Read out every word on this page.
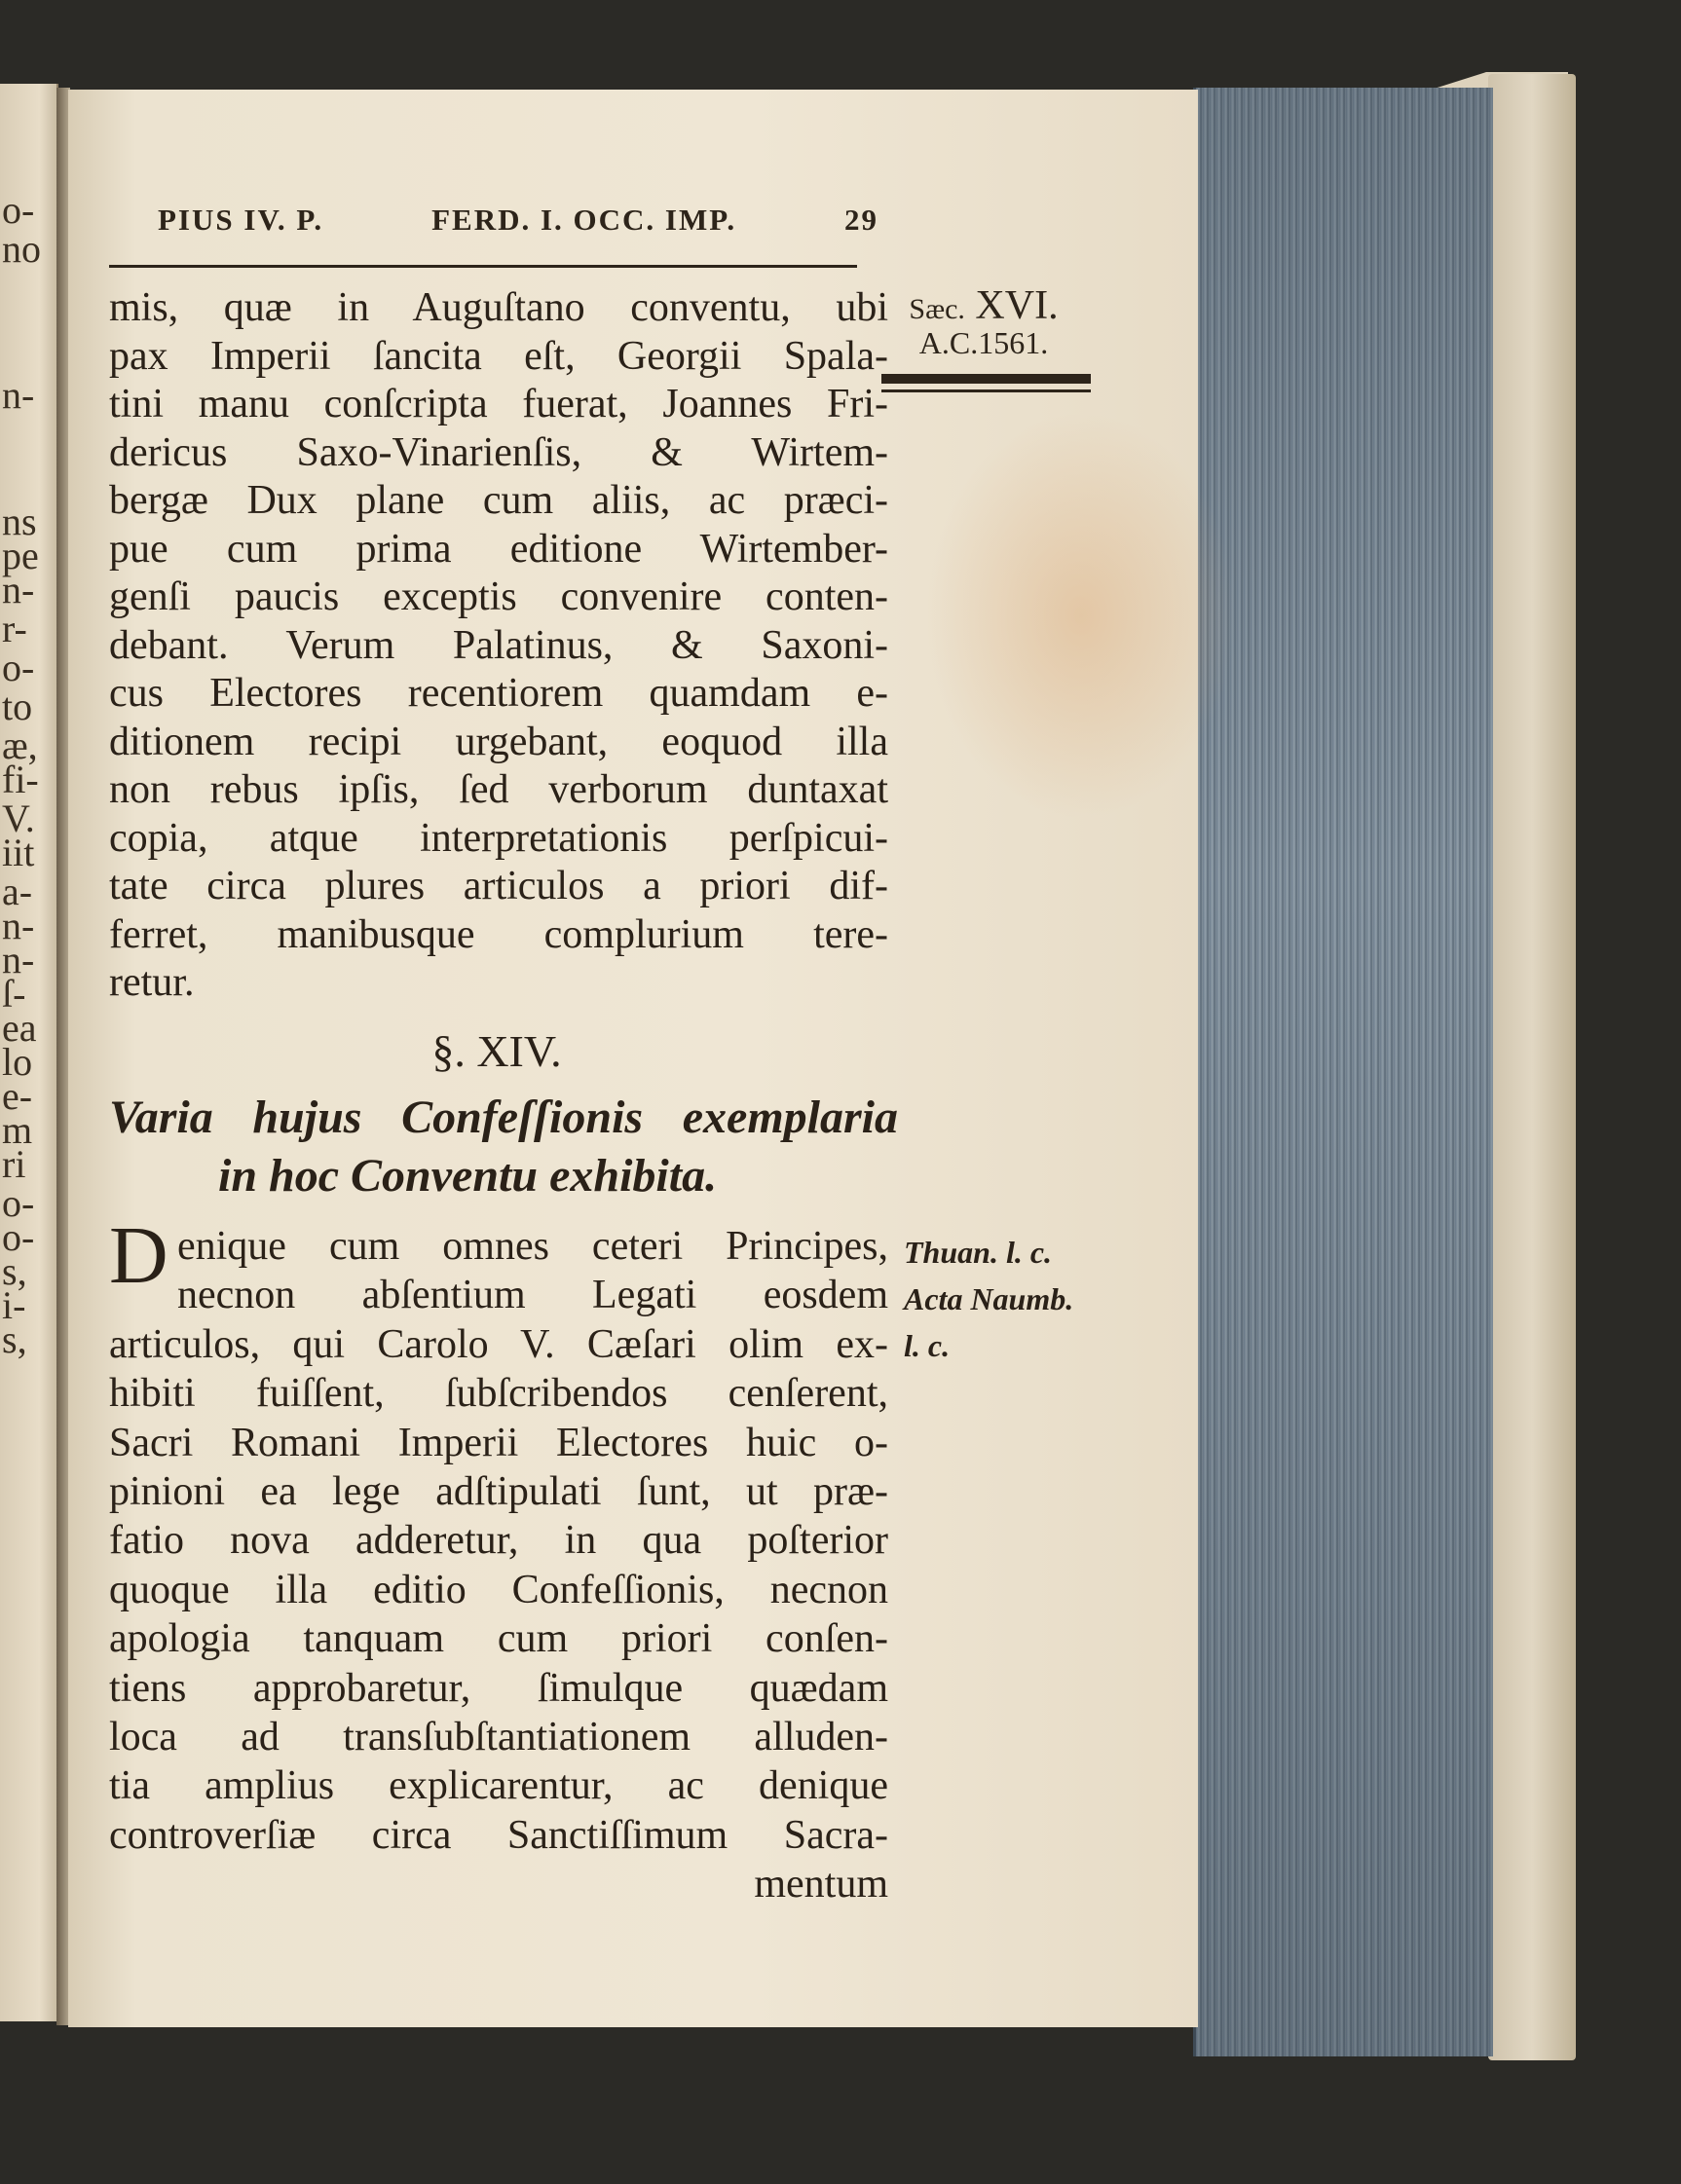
o-
no
n-
ns
pe
n-
r-
o-
to
æ,
fi-
V.
iit
a-
n-
n-
ſ-
ea
lo
e-
m
ri
o-
o-
s,
i-
s,
PIUS IV. P.	FERD. I. OCC. IMP.	29
Sæc. XVI.
A.C.1561.
mis, quæ in Auguſtano conventu, ubi
pax Imperii ſancita eſt, Georgii Spala-
tini manu conſcripta fuerat, Joannes Fri-
dericus Saxo-Vinarienſis, & Wirtem-
bergæ Dux plane cum aliis, ac præci-
pue cum prima editione Wirtember-
genſi paucis exceptis convenire conten-
debant. Verum Palatinus, & Saxoni-
cus Electores recentiorem quamdam e-
ditionem recipi urgebant, eoquod illa
non rebus ipſis, ſed verborum duntaxat
copia, atque interpretationis perſpicui-
tate circa plures articulos a priori dif-
ferret, manibusque complurium tere-
retur.
§. XIV.
Varia hujus Confeſſionis exemplaria
in hoc Conventu exhibita.
D enique cum omnes ceteri Principes,
necnon abſentium Legati eosdem
articulos, qui Carolo V. Cæſari olim ex-
hibiti fuiſſent, ſubſcribendos cenſerent,
Sacri Romani Imperii Electores huic o-
pinioni ea lege adſtipulati ſunt, ut præ-
fatio nova adderetur, in qua poſterior
quoque illa editio Confeſſionis, necnon
apologia tanquam cum priori conſen-
tiens approbaretur, ſimulque quædam
loca ad transſubſtantiationem alluden-
tia amplius explicarentur, ac denique
controverſiæ circa Sanctiſſimum Sacra-
mentum
Thuan. l. c.
Acta Naumb.
l. c.
